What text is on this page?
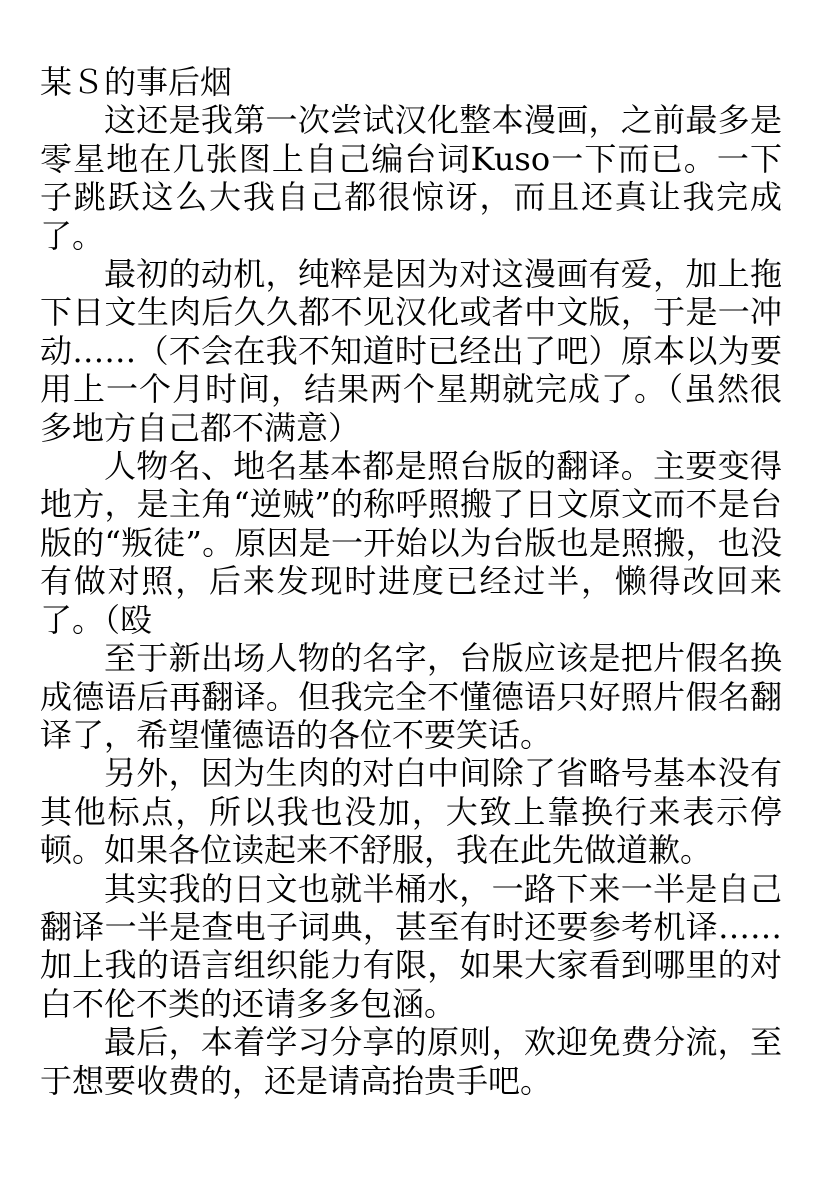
某Ｓ的事后烟

这还是我第一次尝试汉化整本漫画，之前最多是零星地在几张图上自己编台词Kuso一下而已。一下子跳跃这么大我自己都很惊讶，而且还真让我完成了。

最初的动机，纯粹是因为对这漫画有爱，加上拖下日文生肉后久久都不见汉化或者中文版，于是一冲动……（不会在我不知道时已经出了吧）原本以为要用上一个月时间，结果两个星期就完成了。（虽然很多地方自己都不满意）

人物名、地名基本都是照台版的翻译。主要变得地方，是主角“逆贼”的称呼照搬了日文原文而不是台版的“叛徒”。原因是一开始以为台版也是照搬，也没有做对照，后来发现时进度已经过半，懒得改回来了。（殴

至于新出场人物的名字，台版应该是把片假名换成德语后再翻译。但我完全不懂德语只好照片假名翻译了，希望懂德语的各位不要笑话。

另外，因为生肉的对白中间除了省略号基本没有其他标点，所以我也没加，大致上靠换行来表示停顿。如果各位读起来不舒服，我在此先做道歉。

其实我的日文也就半桶水，一路下来一半是自己翻译一半是查电子词典，甚至有时还要参考机译……加上我的语言组织能力有限，如果大家看到哪里的对白不伦不类的还请多多包涵。

最后，本着学习分享的原则，欢迎免费分流，至于想要收费的，还是请高抬贵手吧。
